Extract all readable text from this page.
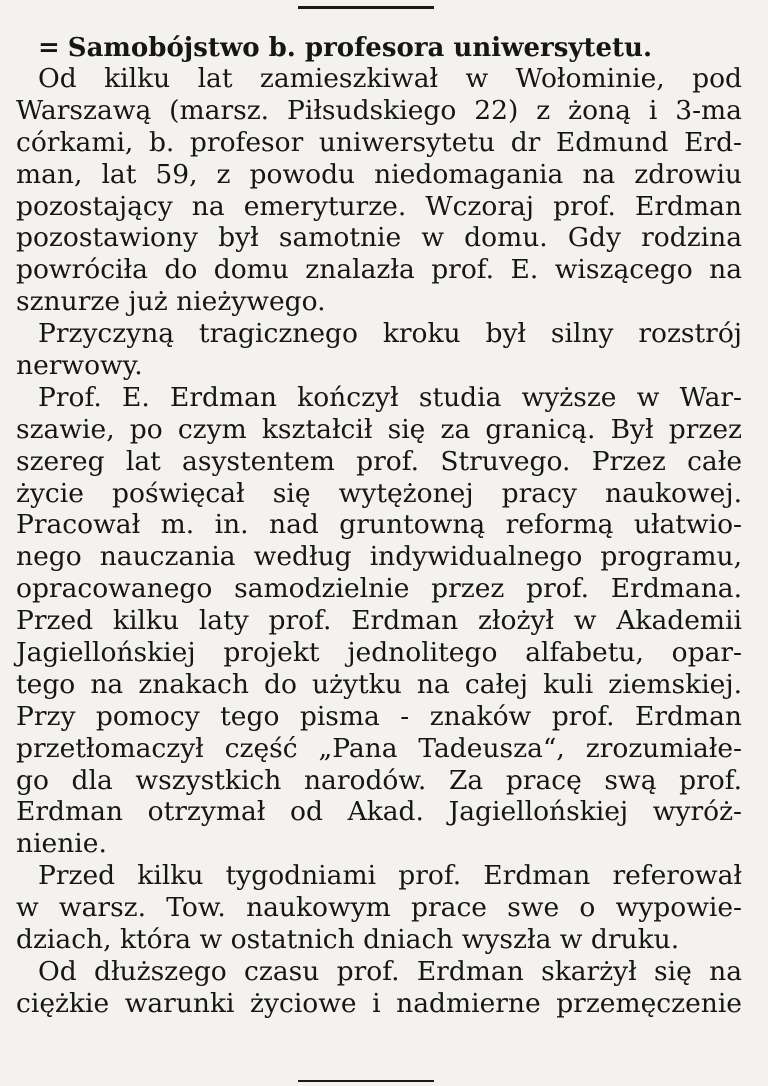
= Samobójstwo b. profesora uniwersytetu.
Od kilku lat zamieszkiwał w Wołominie, pod
Warszawą (marsz. Piłsudskiego 22) z żoną i 3-ma
córkami, b. profesor uniwersytetu dr Edmund Erd-
man, lat 59, z powodu niedomagania na zdrowiu
pozostający na emeryturze. Wczoraj prof. Erdman
pozostawiony był samotnie w domu. Gdy rodzina
powróciła do domu znalazła prof. E. wiszącego na
sznurze już nieżywego.
Przyczyną tragicznego kroku był silny rozstrój
nerwowy.
Prof. E. Erdman kończył studia wyższe w War-
szawie, po czym kształcił się za granicą. Był przez
szereg lat asystentem prof. Struvego. Przez całe
życie poświęcał się wytężonej pracy naukowej.
Pracował m. in. nad gruntowną reformą ułatwio-
nego nauczania według indywidualnego programu,
opracowanego samodzielnie przez prof. Erdmana.
Przed kilku laty prof. Erdman złożył w Akademii
Jagiellońskiej projekt jednolitego alfabetu, opar-
tego na znakach do użytku na całej kuli ziemskiej.
Przy pomocy tego pisma - znaków prof. Erdman
przetłomaczył część „Pana Tadeusza“, zrozumiałe-
go dla wszystkich narodów. Za pracę swą prof.
Erdman otrzymał od Akad. Jagiellońskiej wyróż-
nienie.
Przed kilku tygodniami prof. Erdman referował
w warsz. Tow. naukowym prace swe o wypowie-
dziach, która w ostatnich dniach wyszła w druku.
Od dłuższego czasu prof. Erdman skarżył się na
ciężkie warunki życiowe i nadmierne przemęczenie
